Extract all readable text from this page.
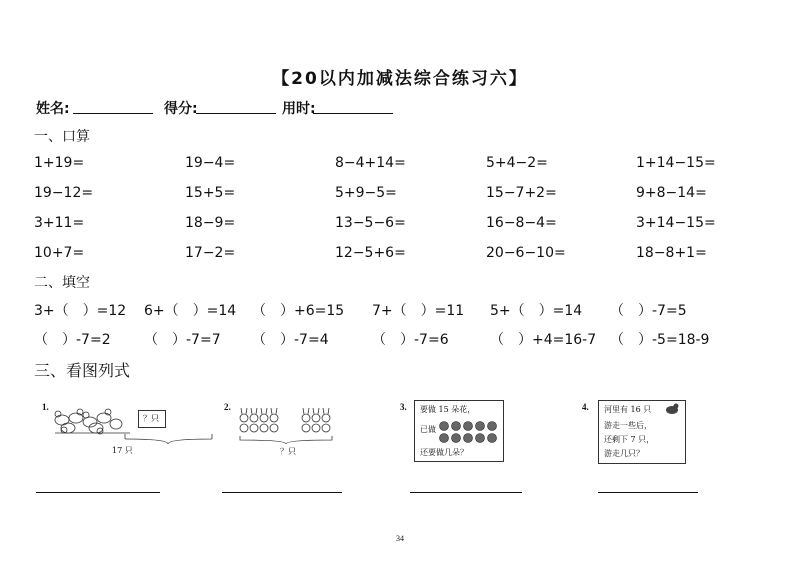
【20以内加减法综合练习六】
姓名:	得分:	用时:
一、口算
1+19=	19−4=	8−4+14=	5+4−2=	1+14−15=
19−12=	15+5=	5+9−5=	15−7+2=	9+8−14=
3+11=	18−9=	13−5−6=	16−8−4=	3+14−15=
10+7=	17−2=	12−5+6=	20−6−10=	18−8+1=
二、填空
3+（　）=12 6+（　）=14 （　）+6=15 7+（　）=11 5+（　）=14 （　）-7=5
（　）-7=2 （　）-7=7 （　）-7=4	（　）-7=6	（　）+4=16-7 （　）-5=18-9
三、看图列式
1.
？只
17 只
2.
？只
3. 要做 15 朵花，
已做
还要做几朵？
4. 河里有 16 只
游走一些后，
还剩下 7 只，
游走几只？
34
